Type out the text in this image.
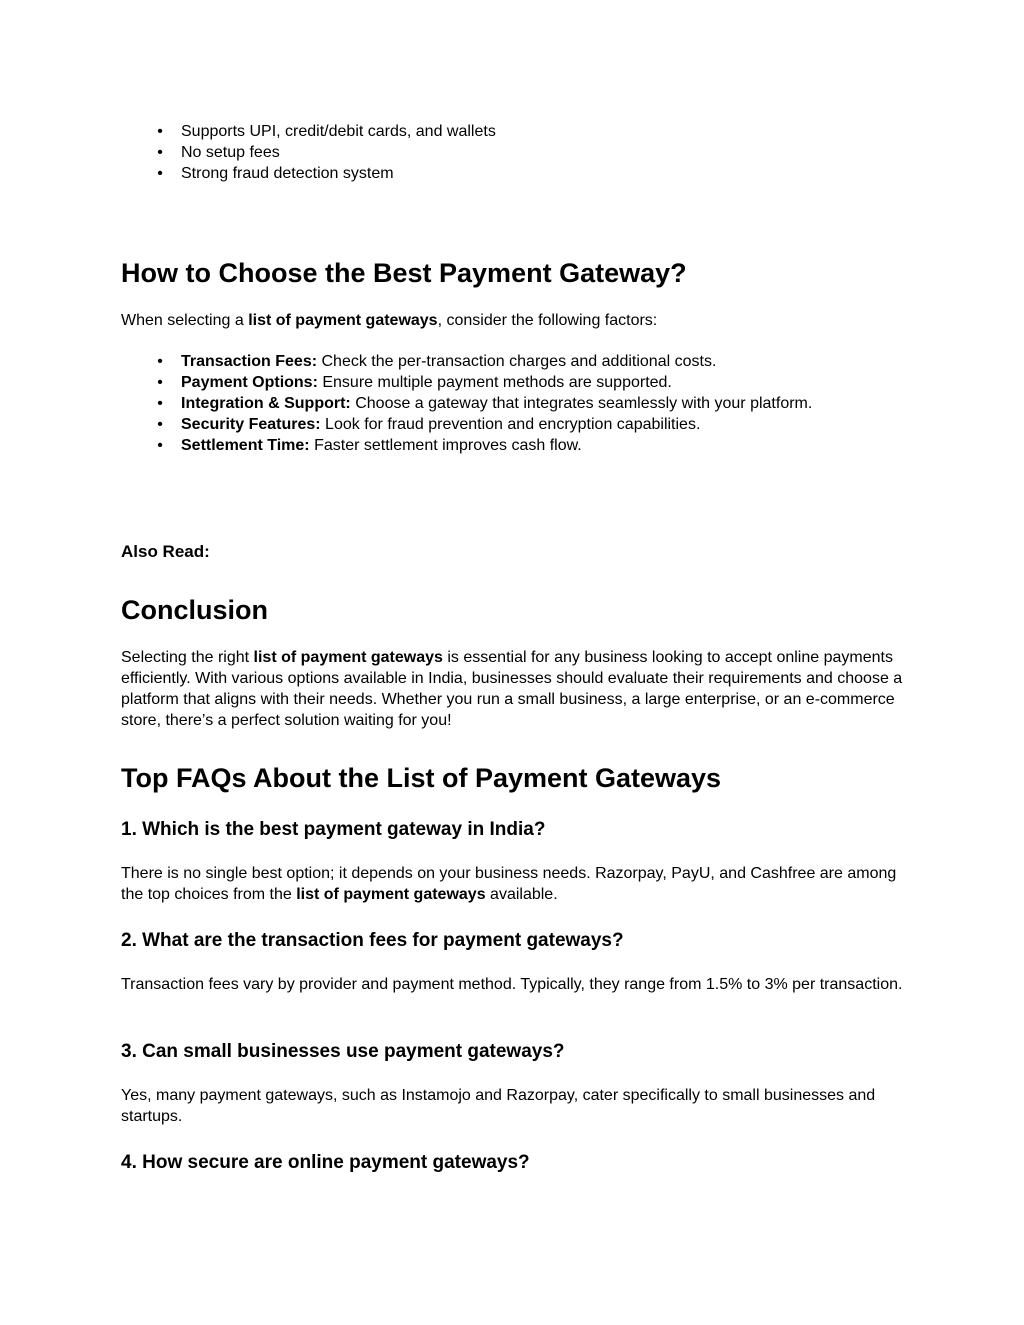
• Supports UPI, credit/debit cards, and wallets
• No setup fees
• Strong fraud detection system
How to Choose the Best Payment Gateway?
When selecting a list of payment gateways, consider the following factors:
• Transaction Fees: Check the per-transaction charges and additional costs.
• Payment Options: Ensure multiple payment methods are supported.
• Integration & Support: Choose a gateway that integrates seamlessly with your platform.
• Security Features: Look for fraud prevention and encryption capabilities.
• Settlement Time: Faster settlement improves cash flow.
Also Read:
Conclusion
Selecting the right list of payment gateways is essential for any business looking to accept online payments efficiently. With various options available in India, businesses should evaluate their requirements and choose a platform that aligns with their needs. Whether you run a small business, a large enterprise, or an e-commerce store, there’s a perfect solution waiting for you!
Top FAQs About the List of Payment Gateways
1. Which is the best payment gateway in India?
There is no single best option; it depends on your business needs. Razorpay, PayU, and Cashfree are among the top choices from the list of payment gateways available.
2. What are the transaction fees for payment gateways?
Transaction fees vary by provider and payment method. Typically, they range from 1.5% to 3% per transaction.
3. Can small businesses use payment gateways?
Yes, many payment gateways, such as Instamojo and Razorpay, cater specifically to small businesses and startups.
4. How secure are online payment gateways?
